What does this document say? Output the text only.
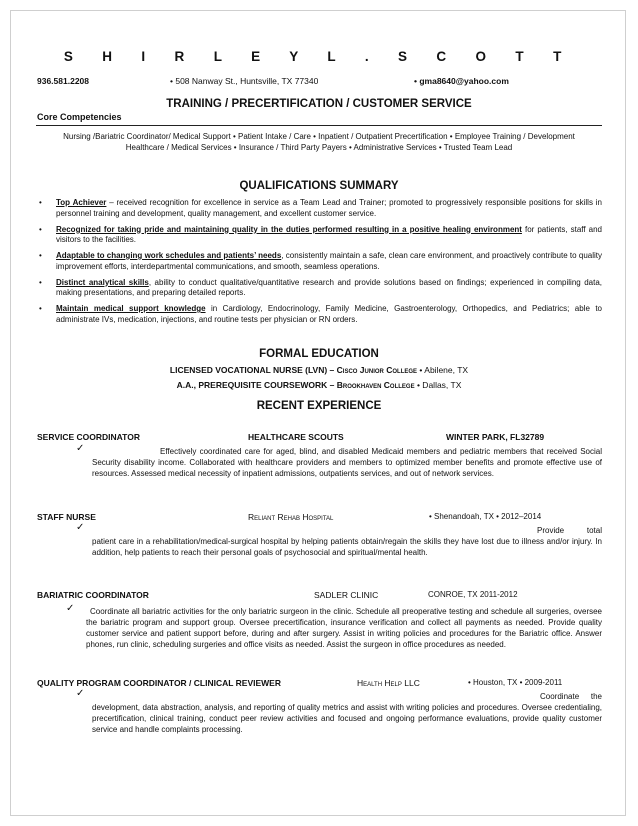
S H I R L E Y L . S C O T T
936.581.2208	• 508 Nanway St., Huntsville, TX 77340	• gma8640@yahoo.com
TRAINING / PRECERTIFICATION / CUSTOMER SERVICE
Core Competencies
Nursing /Bariatric Coordinator/ Medical Support • Patient Intake / Care • Inpatient / Outpatient Precertification • Employee Training / Development
Healthcare / Medical Services • Insurance / Third Party Payers • Administrative Services • Trusted Team Lead
QUALIFICATIONS SUMMARY
• Top Achiever – received recognition for excellence in service as a Team Lead and Trainer; promoted to progressively responsible positions for skills in personnel training and development, quality management, and excellent customer service.
• Recognized for taking pride and maintaining quality in the duties performed resulting in a positive healing environment for patients, staff and visitors to the facilities.
• Adaptable to changing work schedules and patients’ needs, consistently maintain a safe, clean care environment, and proactively contribute to quality improvement efforts, interdepartmental communications, and smooth, seamless operations.
• Distinct analytical skills, ability to conduct qualitative/quantitative research and provide solutions based on findings; experienced in compiling data, making presentations, and preparing detailed reports.
• Maintain medical support knowledge in Cardiology, Endocrinology, Family Medicine, Gastroenterology, Orthopedics, and Pediatrics; able to administrate IVs, medication, injections, and routine tests per physician or RN orders.
FORMAL EDUCATION
LICENSED VOCATIONAL NURSE (LVN) – Cisco Junior College • Abilene, TX
A.A., PREREQUISITE COURSEWORK – Brookhaven College • Dallas, TX
RECENT EXPERIENCE
SERVICE COORDINATOR	HEALTHCARE SCOUTS	WINTER PARK, FL32789
✓	Effectively coordinated care for aged, blind, and disabled Medicaid members and pediatric members that received Social Security disability income. Collaborated with healthcare providers and members to optimized member benefits and promote effective use of resources. Assessed medical necessity of inpatient admissions, outpatients services, and out of network services.
STAFF NURSE	Reliant Rehab Hospital	• Shenandoah, TX • 2012–2014
✓	Provide total patient care in a rehabilitation/medical-surgical hospital by helping patients obtain/regain the skills they have lost due to illness and/or injury. In addition, help patients to reach their personal goals of psychosocial and spiritual/mental health.
BARIATRIC COORDINATOR	SADLER CLINIC	CONROE, TX 2011-2012
✓	Coordinate all bariatric activities for the only bariatric surgeon in the clinic. Schedule all preoperative testing and schedule all surgeries, oversee the bariatric program and support group. Oversee precertification, insurance verification and collect all payments as needed. Provide quality customer service and patient support before, during and after surgery. Assist in writing policies and procedures for the Bariatric office. Answer phones, run clinic, scheduling surgeries and office visits as needed. Assist the surgeon in office procedures as needed.
QUALITY PROGRAM COORDINATOR / CLINICAL REVIEWER	Health Help LLC	• Houston, TX • 2009-2011
✓	Coordinate the development, data abstraction, analysis, and reporting of quality metrics and assist with writing policies and procedures. Oversee credentialing, precertification, clinical training, conduct peer review activities and focused and ongoing performance evaluations, provide quality customer service and handle complaints processing.
